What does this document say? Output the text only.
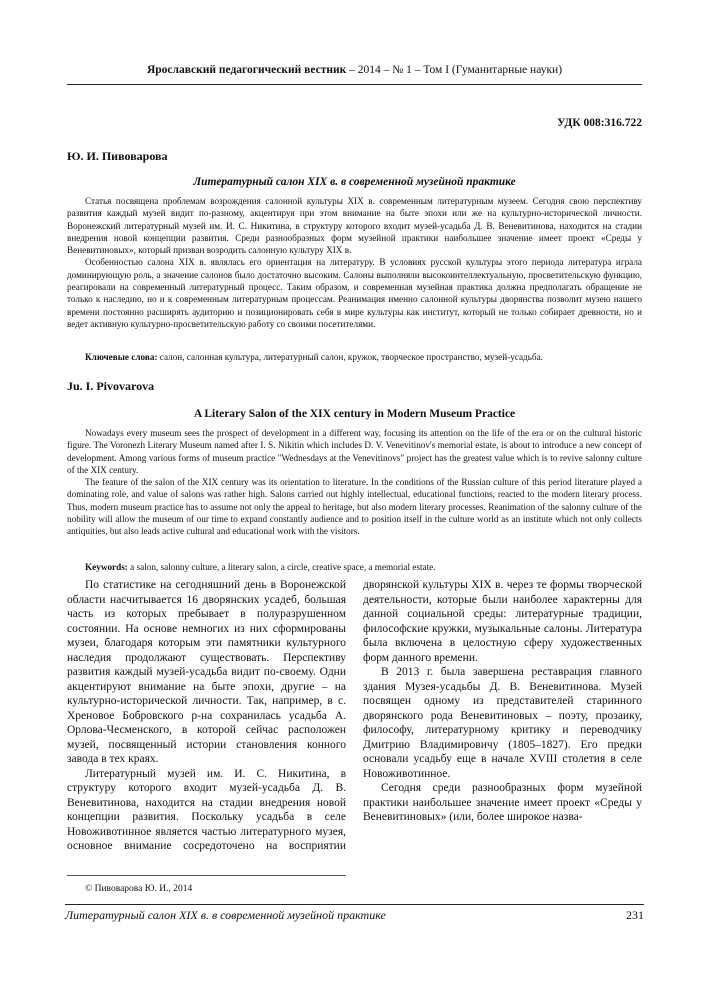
Ярославский педагогический вестник – 2014 – № 1 – Том I (Гуманитарные науки)
УДК 008:316.722
Ю. И. Пивоварова
Литературный салон XIX в. в современной музейной практике

Статья посвящена проблемам возрождения салонной культуры XIX в. современным литературным музеем. Сегодня свою перспективу развития каждый музей видит по-разному, акцентируя при этом внимание на быте эпохи или же на культурно-исторической личности. Воронежский литературный музей им. И. С. Никитина, в структуру которого входит музей-усадьба Д. В. Веневитинова, находится на стадии внедрения новой концепции развития. Среди разнообразных форм музейной практики наибольшее значение имеет проект «Среды у Веневитиновых», который призван возродить салонную культуру XIX в.

Особенностью салона XIX в. являлась его ориентация на литературу. В условиях русской культуры этого периода литература играла доминирующую роль, а значение салонов было достаточно высоким. Салоны выполняли высокоинтеллектуальную, просветительскую функцию, реагировали на современный литературный процесс. Таким образом, и современная музейная практика должна предполагать обращение не только к наследию, но и к современным литературным процессам. Реанимация именно салонной культуры дворянства позволит музею нашего времени постоянно расширять аудиторию и позиционировать себя в мире культуры как институт, который не только собирает древности, но и ведет активную культурно-просветительскую работу со своими посетителями.

Ключевые слова: салон, салонная культура, литературный салон, кружок, творческое пространство, музей-усадьба.
Ju. I. Pivovarova
A Literary Salon of the XIX century in Modern Museum Practice

Nowadays every museum sees the prospect of development in a different way, focusing its attention on the life of the era or on the cultural historic figure. The Voronezh Literary Museum named after I. S. Nikitin which includes D. V. Venevitinov's memorial estate, is about to introduce a new concept of development. Among various forms of museum practice "Wednesdays at the Venevitinovs" project has the greatest value which is to revive salonny culture of the XIX century.

The feature of the salon of the XIX century was its orientation to literature. In the conditions of the Russian culture of this period literature played a dominating role, and value of salons was rather high. Salons carried out highly intellectual, educational functions, reacted to the modern literary process. Thus, modern museum practice has to assume not only the appeal to heritage, but also modern literary processes. Reanimation of the salonny culture of the nobility will allow the museum of our time to expand constantly audience and to position itself in the culture world as an institute which not only collects antiquities, but also leads active cultural and educational work with the visitors.

Keywords: a salon, salonny culture, a literary salon, a circle, creative space, a memorial estate.

По статистике на сегодняшний день в Воронежской области насчитывается 16 дворянских усадеб, большая часть из которых пребывает в полуразрушенном состоянии. На основе немногих из них сформированы музеи, благодаря которым эти памятники культурного наследия продолжают существовать. Перспективу развития каждый музей-усадьба видит по-своему. Одни акцентируют внимание на быте эпохи, другие – на культурно-исторической личности. Так, например, в с. Хреновое Бобровского р-на сохранилась усадьба А. Орлова-Чесменского, в которой сейчас расположен музей, посвященный истории становления конного завода в тех краях.

Литературный музей им. И. С. Никитина, в структуру которого входит музей-усадьба Д. В. Веневитинова, находится на стадии внедрения новой концепции развития. Поскольку усадьба в селе Новоживотинное является частью литературного музея, основное внимание сосредоточено на восприятии дворянской культуры XIX в. через те формы творческой деятельности, которые были наиболее характерны для данной социальной среды: литературные традиции, философские кружки, музыкальные салоны. Литература была включена в целостную сферу художественных форм данного времени.

В 2013 г. была завершена реставрация главного здания Музея-усадьбы Д. В. Веневитинова. Музей посвящен одному из представителей старинного дворянского рода Веневитиновых – поэту, прозаику, философу, литературному критику и переводчику Дмитрию Владимировичу (1805–1827). Его предки основали усадьбу еще в начале XVIII столетия в селе Новоживотинное.

Сегодня среди разнообразных форм музейной практики наибольшее значение имеет проект «Среды у Веневитиновых» (или, более широкое назва-

© Пивоварова Ю. И., 2014
Литературный салон XIX в. в современной музейной практике	231
